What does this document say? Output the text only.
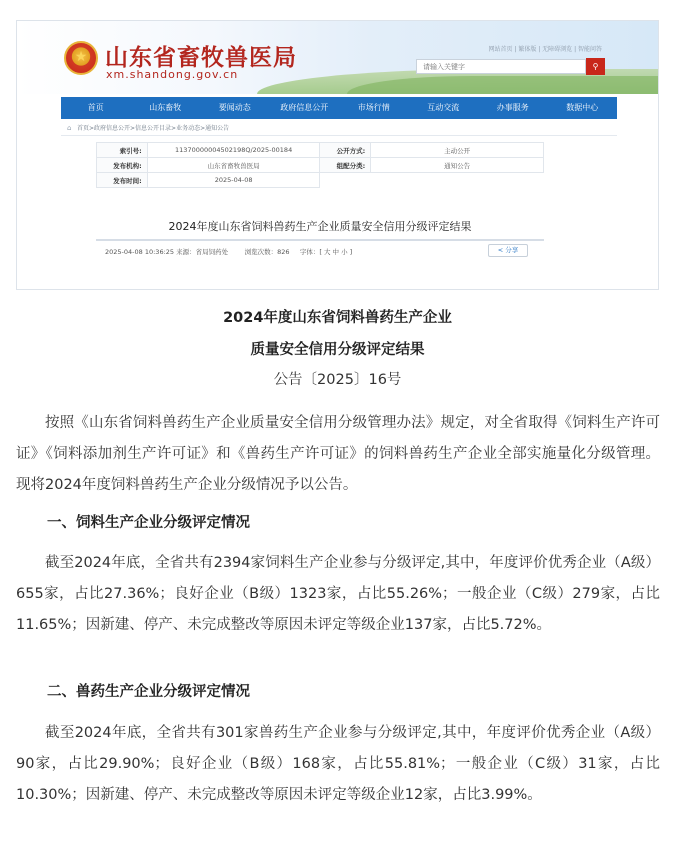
★ 山东省畜牧兽医局
xm.shandong.gov.cn
网站首页 | 繁体版 | 无障碍浏览 | 智能问答
请输入关键字
⚲
首页	山东畜牧	要闻动态	政府信息公开	市场行情	互动交流	办事服务	数据中心
⌂ 首页>政府信息公开>信息公开目录>业务动态>通知公告
索引号:	11370000004502198Q/2025-00184	公开方式:	主动公开
发布机构:	山东省畜牧兽医局	组配分类:	通知公告
发布时间:	2025-04-08		
2024年度山东省饲料兽药生产企业质量安全信用分级评定结果
2025-04-08 10:36:25 来源：省局饲药处        浏览次数：826     字体：[ 大 中 小 ]	< 分享
2024年度山东省饲料兽药生产企业
质量安全信用分级评定结果
公告〔2025〕16号

按照《山东省饲料兽药生产企业质量安全信用分级管理办法》规定，对全省取得《饲料生产许可证》《饲料添加剂生产许可证》和《兽药生产许可证》的饲料兽药生产企业全部实施量化分级管理。现将2024年度饲料兽药生产企业分级情况予以公告。

一、饲料生产企业分级评定情况

截至2024年底，全省共有2394家饲料生产企业参与分级评定,其中，年度评价优秀企业（A级）655家，占比27.36%；良好企业（B级）1323家，占比55.26%；一般企业（C级）279家，占比11.65%；因新建、停产、未完成整改等原因未评定等级企业137家，占比5.72%。

二、兽药生产企业分级评定情况

截至2024年底，全省共有301家兽药生产企业参与分级评定,其中，年度评价优秀企业（A级）90家，占比29.90%；良好企业（B级）168家，占比55.81%；一般企业（C级）31家，占比10.30%；因新建、停产、未完成整改等原因未评定等级企业12家，占比3.99%。
